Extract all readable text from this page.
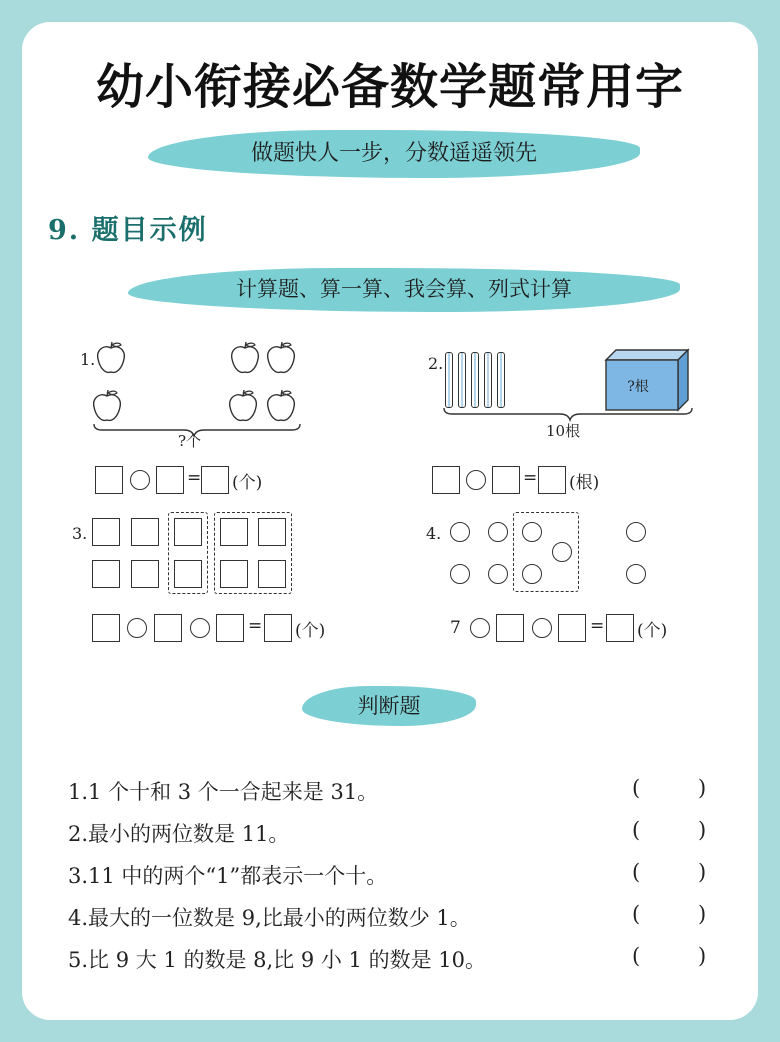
幼小衔接必备数学题常用字
做题快人一步，分数遥遥领先
9. 题目示例
计算题、算一算、我会算、列式计算
1.
?个
= (个)
2.
?根
10根
= (根)
3.
= (个)
4.
7	= (个)
判断题
1.1 个十和 3 个一合起来是 31。	(	)
2.最小的两位数是 11。	(	)
3.11 中的两个“1”都表示一个十。	(	)
4.最大的一位数是 9,比最小的两位数少 1。	(	)
5.比 9 大 1 的数是 8,比 9 小 1 的数是 10。	(	)
